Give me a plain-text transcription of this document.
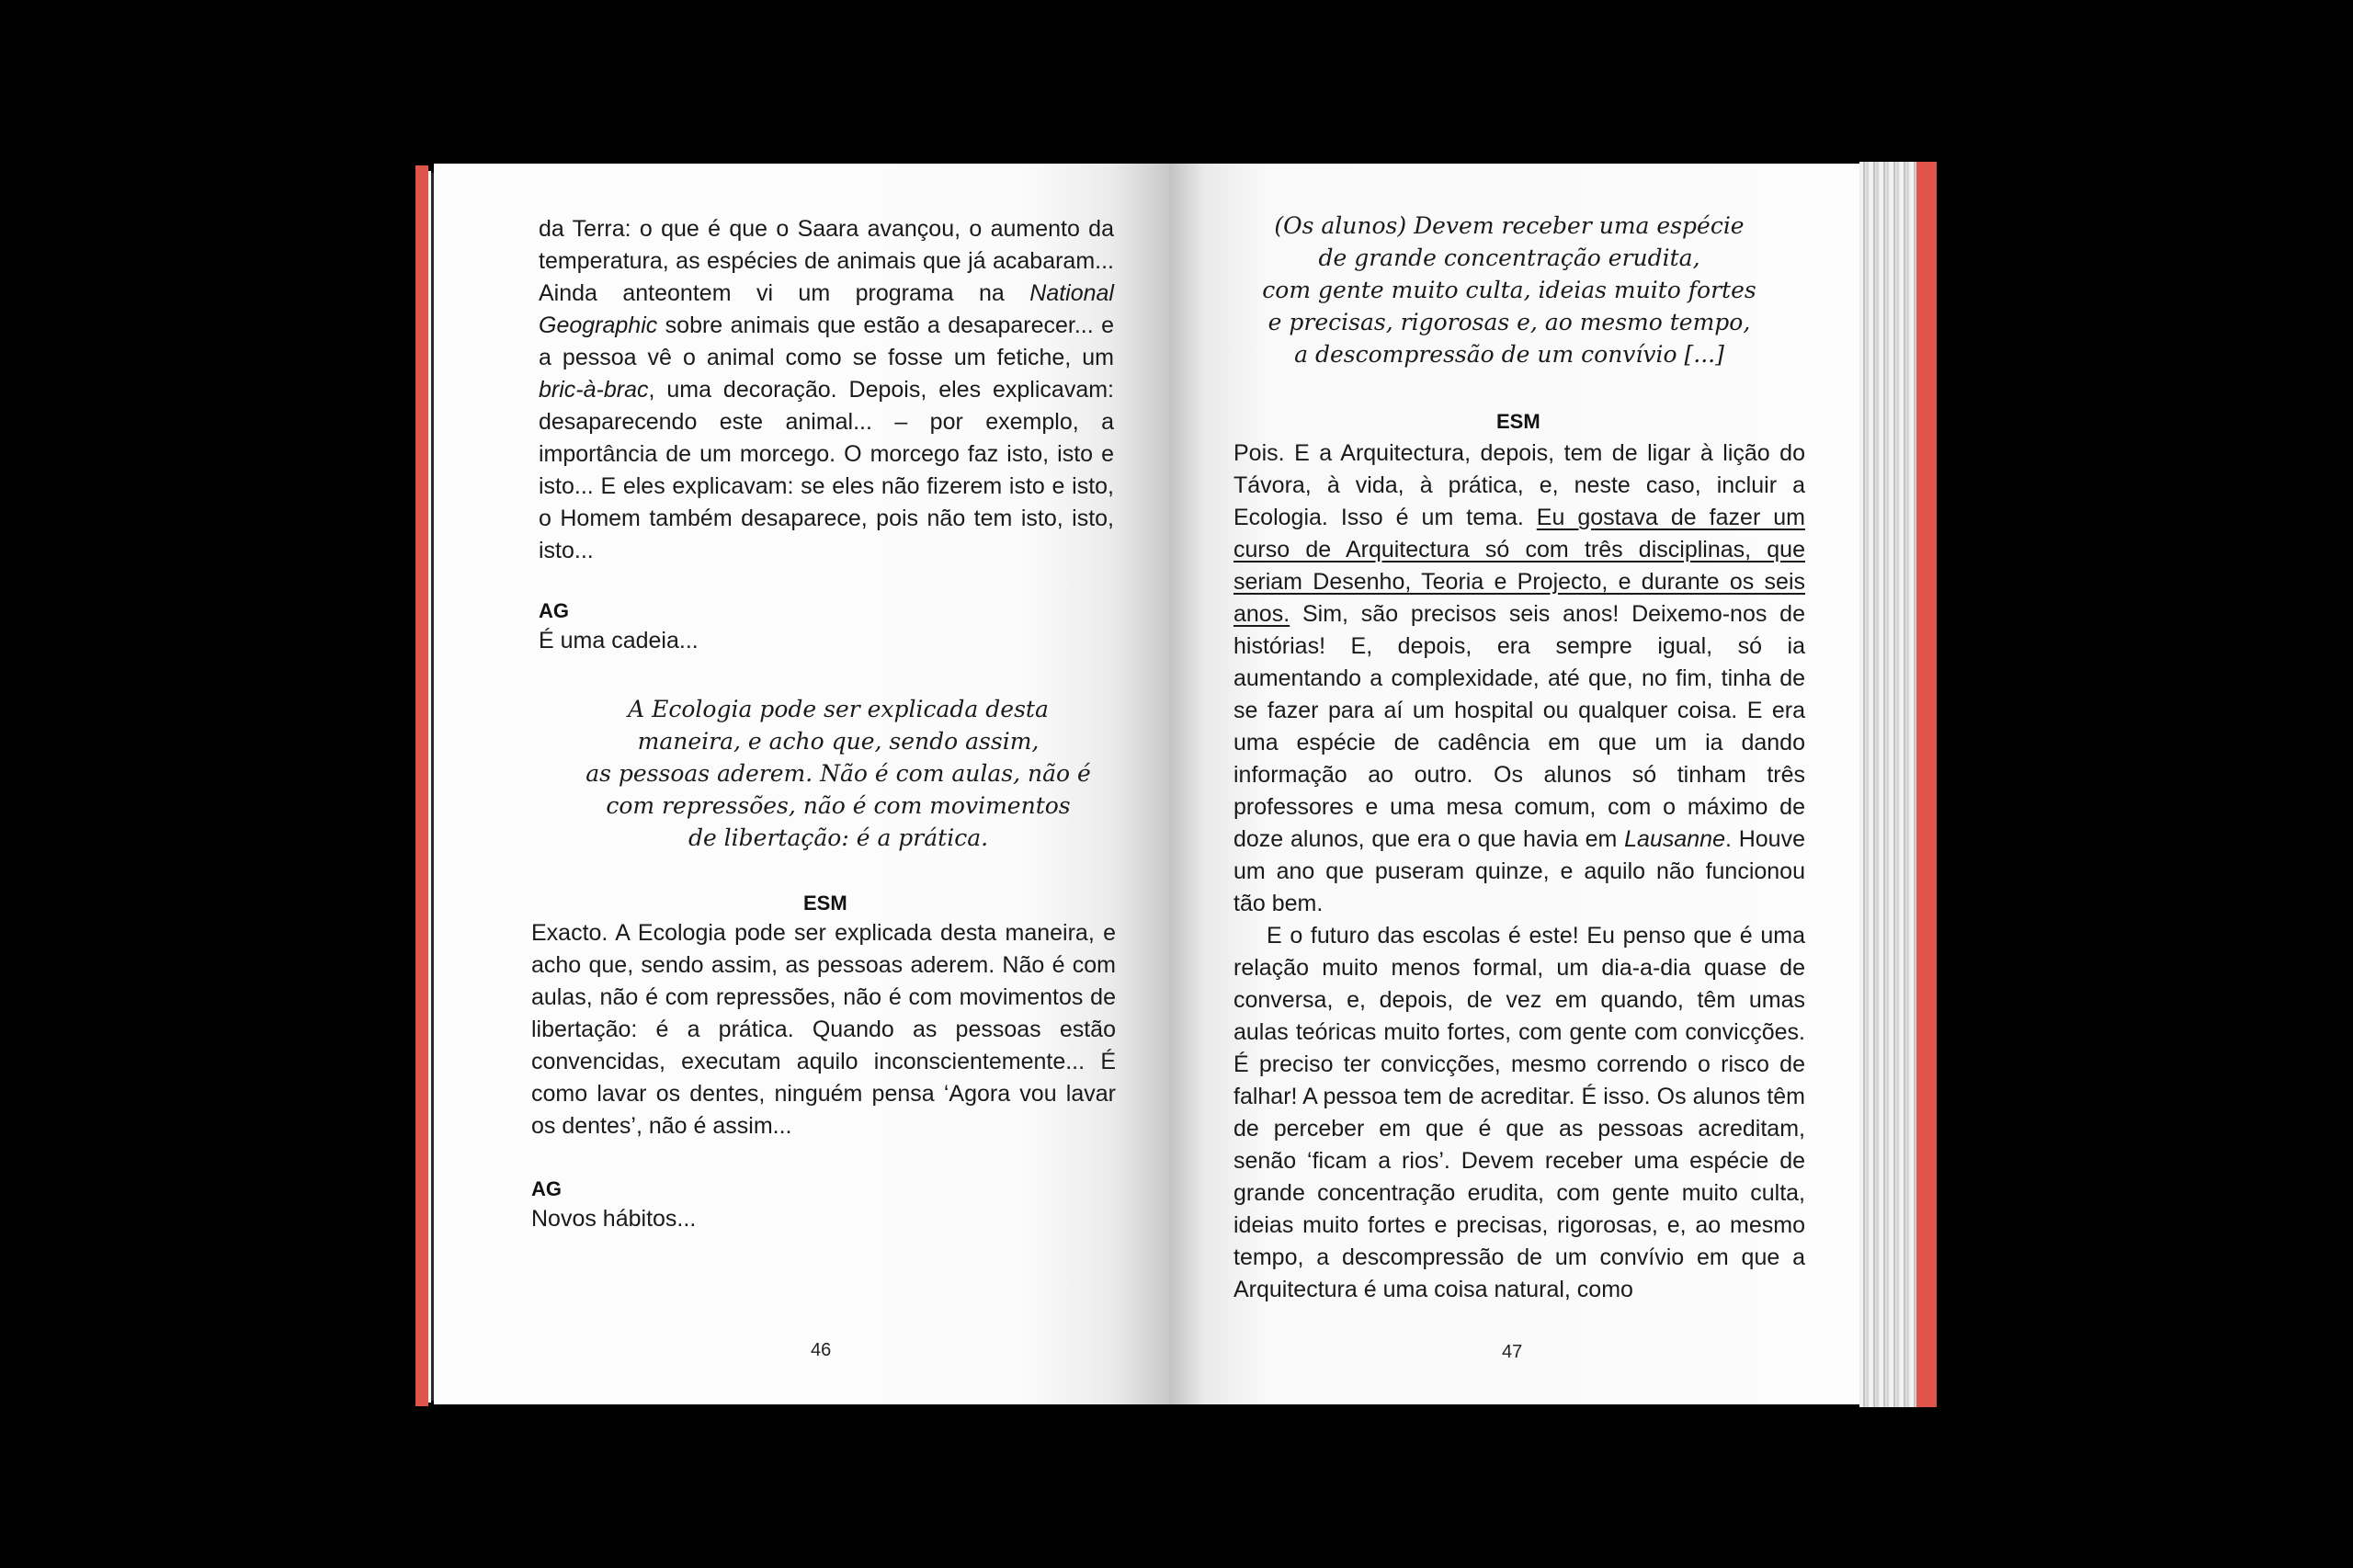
da Terra: o que é que o Saara avançou, o aumento da temperatura, as espécies de animais que já acabaram... Ainda anteontem vi um programa na National Geographic sobre animais que estão a desaparecer... e a pessoa vê o animal como se fosse um fetiche, um bric-à-brac, uma decoração. Depois, eles explicavam: desaparecendo este animal... – por exemplo, a importância de um morcego. O morcego faz isto, isto e isto... E eles explicavam: se eles não fizerem isto e isto, o Homem também desaparece, pois não tem isto, isto, isto...

AG
É uma cadeia...

A Ecologia pode ser explicada desta

maneira, e acho que, sendo assim,

as pessoas aderem. Não é com aulas, não é

com repressões, não é com movimentos

de libertação: é a prática.

ESM
Exacto. A Ecologia pode ser explicada desta maneira, e acho que, sendo assim, as pessoas aderem. Não é com aulas, não é com repressões, não é com movimentos de libertação: é a prática. Quando as pessoas estão convencidas, executam aquilo inconscientemente... É como lavar os dentes, ninguém pensa ‘Agora vou lavar os dentes’, não é assim...
AG
Novos hábitos...
46

(Os alunos) Devem receber uma espécie

de grande concentração erudita,

com gente muito culta, ideias muito fortes

e precisas, rigorosas e, ao mesmo tempo,

a descompressão de um convívio [...]

ESM

Pois. E a Arquitectura, depois, tem de ligar à lição do Távora, à vida, à prática, e, neste caso, incluir a Ecologia. Isso é um tema. Eu gostava de fazer um curso de Arquitectura só com três disciplinas, que seriam Desenho, Teoria e Projecto, e durante os seis anos. Sim, são precisos seis anos! Deixemo-nos de histórias! E, depois, era sempre igual, só ia aumentando a complexidade, até que, no fim, tinha de se fazer para aí um hospital ou qualquer coisa. E era uma espécie de cadência em que um ia dando informação ao outro. Os alunos só tinham três professores e uma mesa comum, com o máximo de doze alunos, que era o que havia em Lausanne. Houve um ano que puseram quinze, e aquilo não funcionou tão bem.

E o futuro das escolas é este! Eu penso que é uma relação muito menos formal, um dia-a-dia quase de conversa, e, depois, de vez em quando, têm umas aulas teóricas muito fortes, com gente com convicções. É preciso ter convicções, mesmo correndo o risco de falhar! A pessoa tem de acreditar. É isso. Os alunos têm de perceber em que é que as pessoas acreditam, senão ‘ficam a rios’. Devem receber uma espécie de grande concentração erudita, com gente muito culta, ideias muito fortes e precisas, rigorosas, e, ao mesmo tempo, a descompressão de um convívio em que a Arquitectura é uma coisa natural, como

47
